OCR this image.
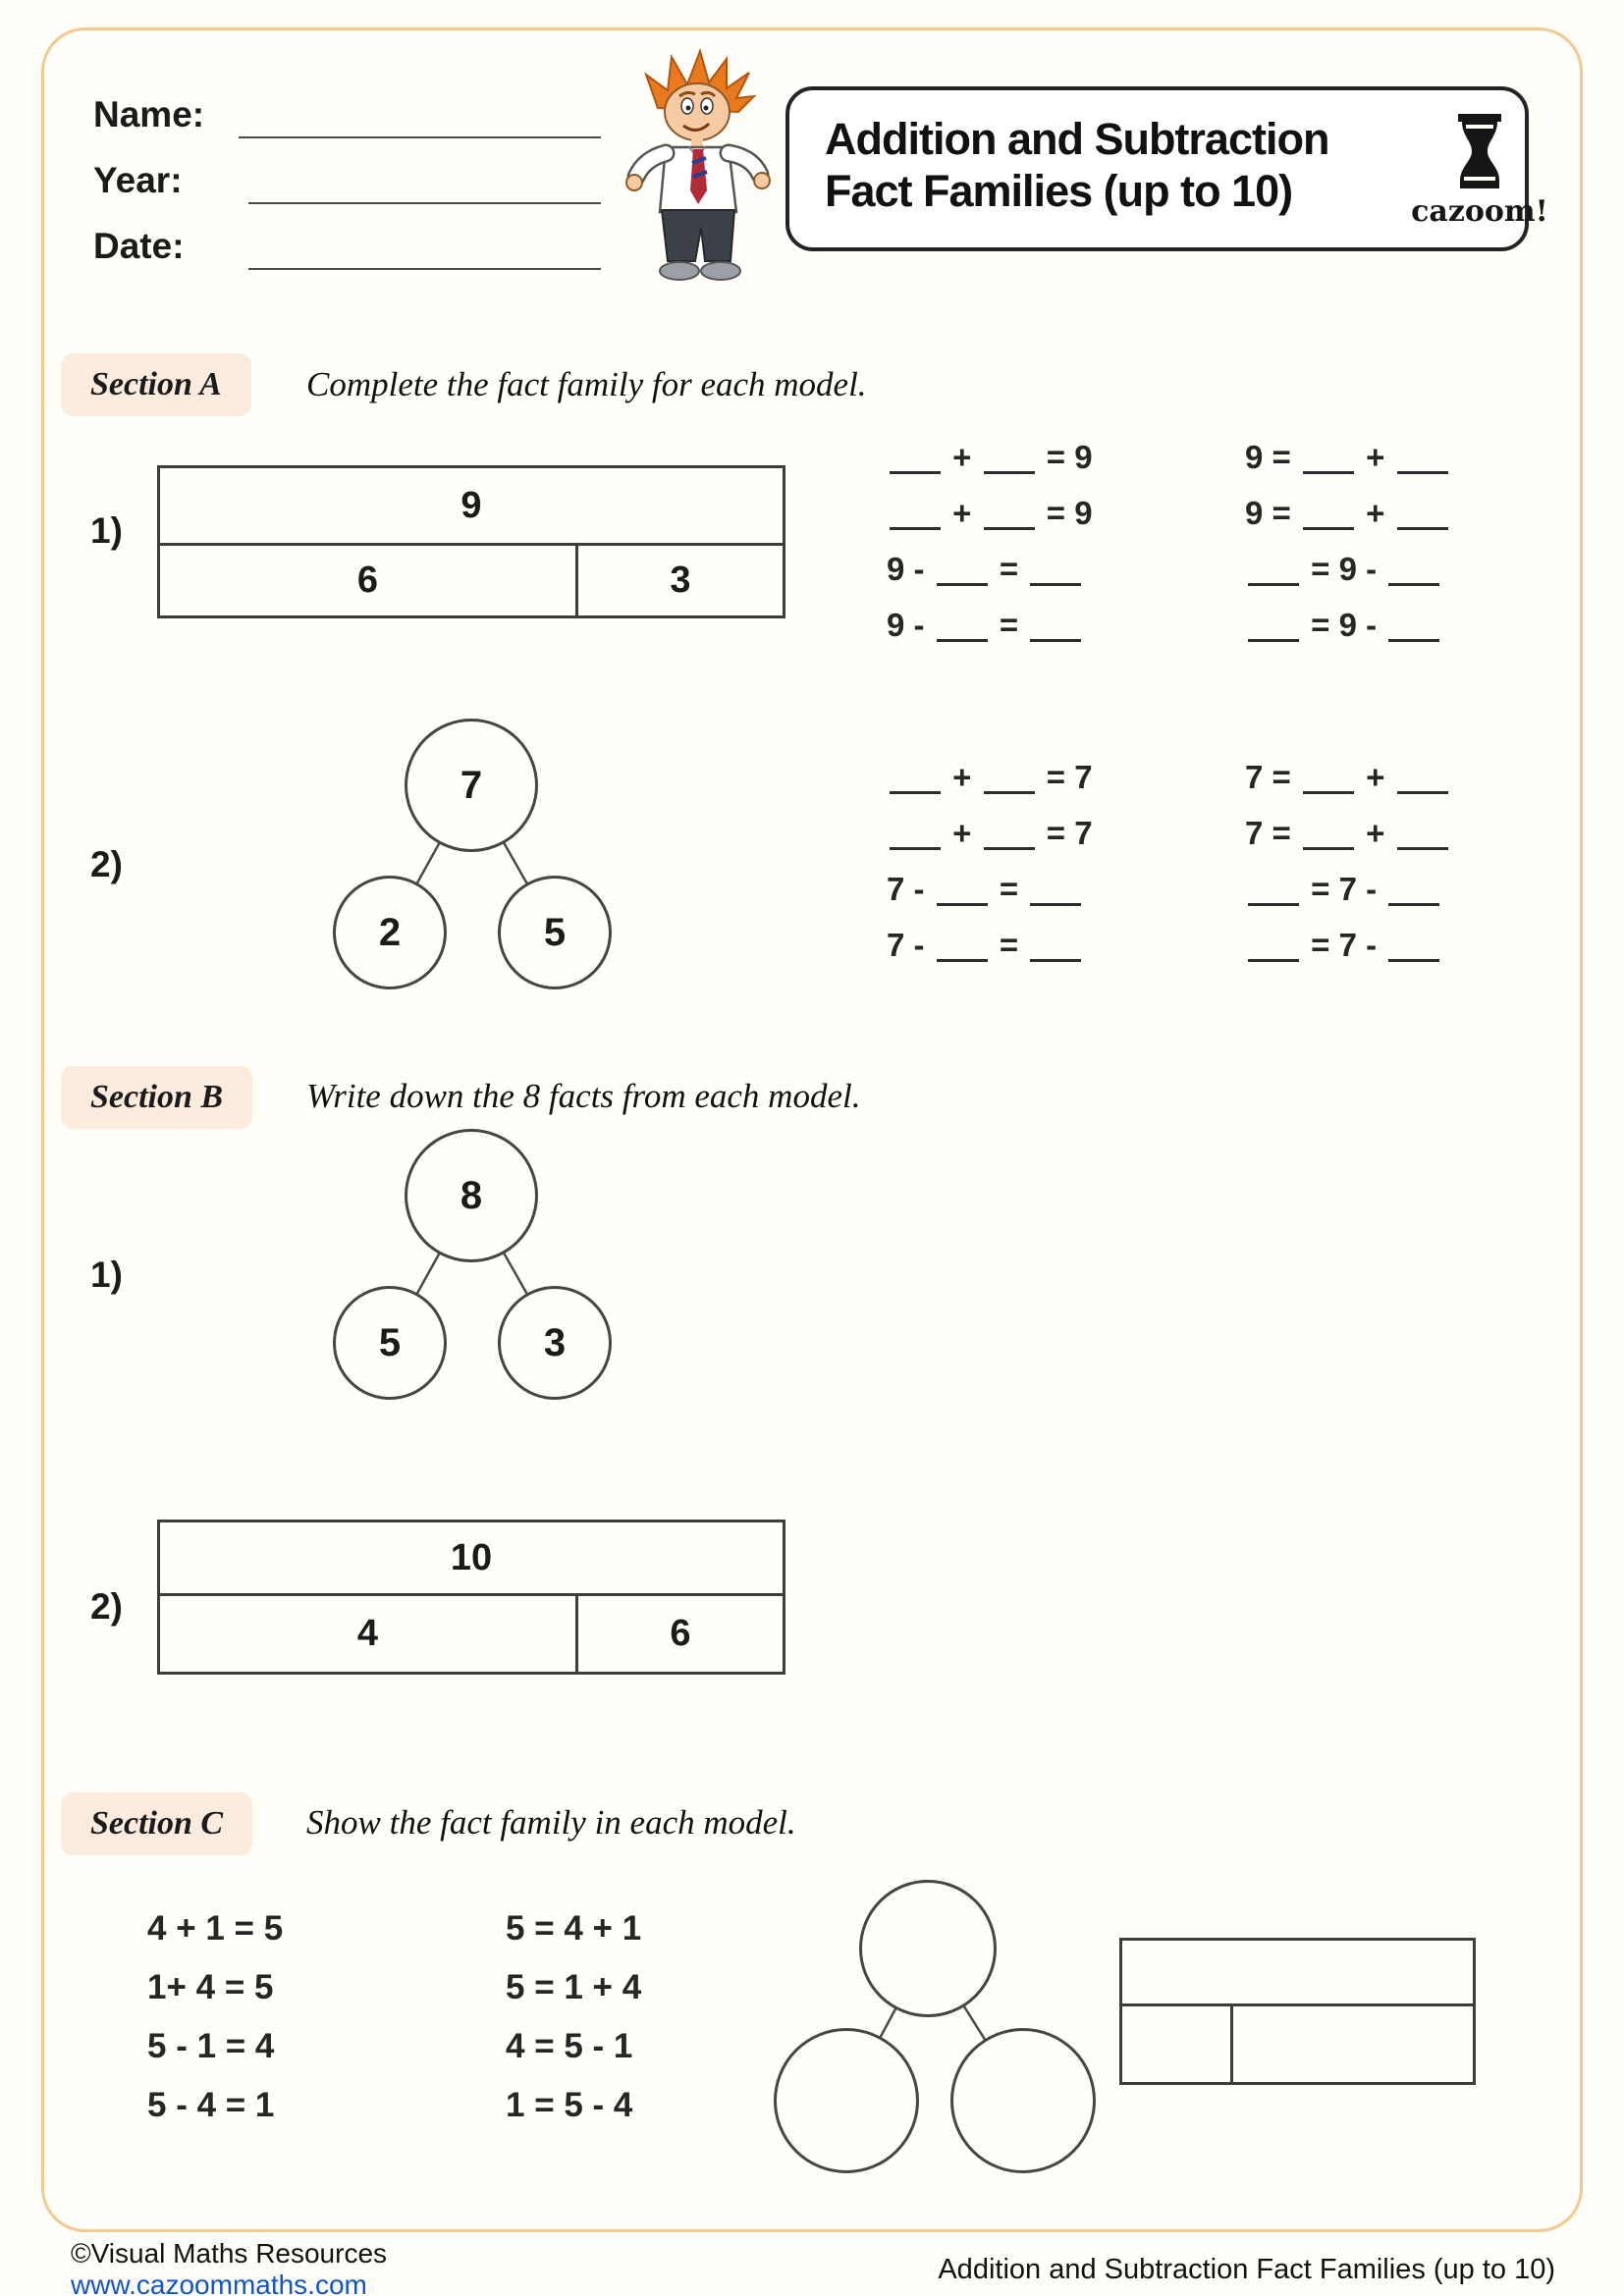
Name:
Year:
Date:
Addition and Subtraction
Fact Families (up to 10)	cazoom!
Section A	Complete the fact family for each model.
1)
9
6	3
+  = 9	9 =  +
+  = 9	9 =  +
9 -  =	= 9 -
9 -  =	= 9 -
2)
7
2	5
+  = 7	7 =  +
+  = 7	7 =  +
7 -  =	= 7 -
7 -  =	= 7 -
Section B	Write down the 8 facts from each model.
1)
8
5	3
2)
10
4	6
Section C	Show the fact family in each model.
4 + 1 = 5	5 = 4 + 1
1+ 4 = 5	5 = 1 + 4
5 - 1 = 4	4 = 5 - 1
5 - 4 = 1	1 = 5 - 4
©Visual Maths Resources
www.cazoommaths.com	Addition and Subtraction Fact Families (up to 10)
